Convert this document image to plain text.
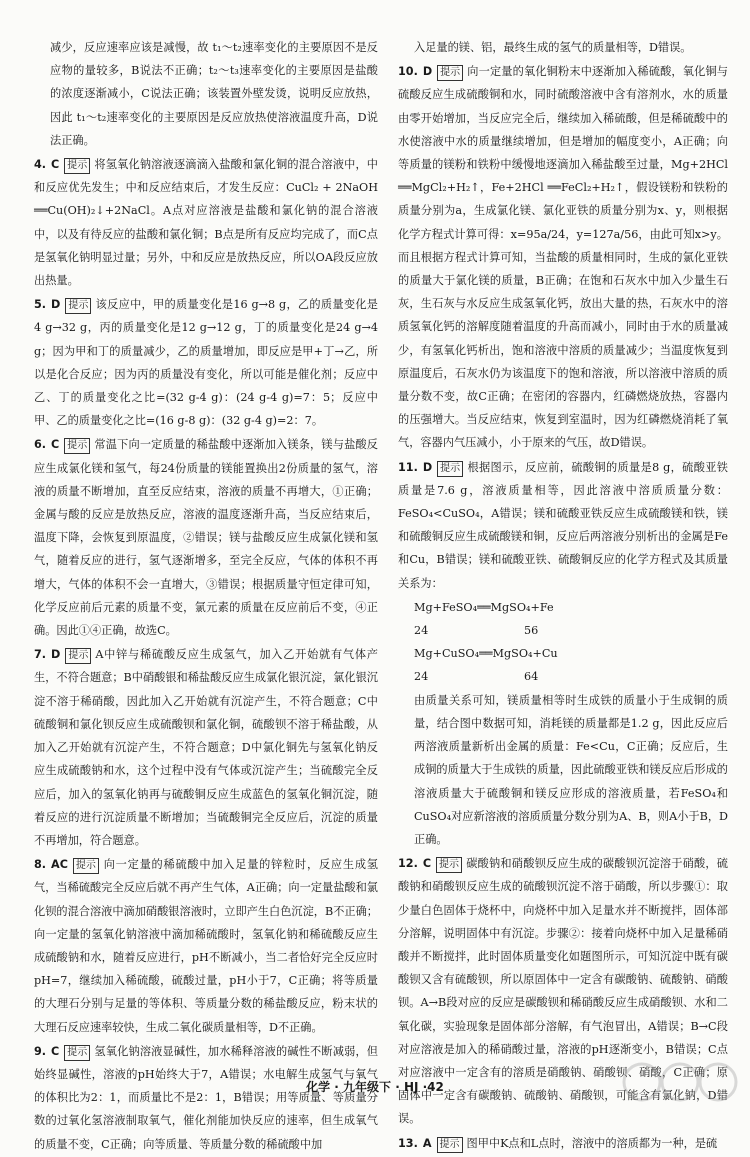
减少，反应速率应该是减慢，故 t₁～t₂速率变化的主要原因不是反应物的量较多，B说法不正确；t₂～t₃速率变化的主要原因是盐酸的浓度逐渐减小，C说法正确；该装置外壁发烫，说明反应放热，因此 t₁～t₂速率变化的主要原因是反应放热使溶液温度升高，D说法正确。
4. C 提示 将氢氧化钠溶液逐滴滴入盐酸和氯化铜的混合溶液中，中和反应优先发生；中和反应结束后，才发生反应：CuCl₂ + 2NaOH ══Cu(OH)₂↓+2NaCl。A点对应溶液是盐酸和氯化钠的混合溶液中，以及有待反应的盐酸和氯化铜；B点是所有反应均完成了，而C点是氢氧化钠明显过量；另外，中和反应是放热反应，所以OA段反应放出热量。
5. D 提示 该反应中，甲的质量变化是16 g→8 g，乙的质量变化是4 g→32 g，丙的质量变化是12 g→12 g，丁的质量变化是24 g→4 g；因为甲和丁的质量减少，乙的质量增加，即反应是甲+丁→乙，所以是化合反应；因为丙的质量没有变化，所以可能是催化剂；反应中乙、丁的质量变化之比=(32 g-4 g)：(24 g-4 g)=7：5；反应中甲、乙的质量变化之比=(16 g-8 g)：(32 g-4 g)=2：7。
6. C 提示 常温下向一定质量的稀盐酸中逐渐加入镁条，镁与盐酸反应生成氯化镁和氢气，每24份质量的镁能置换出2份质量的氢气，溶液的质量不断增加，直至反应结束，溶液的质量不再增大，①正确；金属与酸的反应是放热反应，溶液的温度逐渐升高，当反应结束后，温度下降，会恢复到原温度，②错误；镁与盐酸反应生成氯化镁和氢气，随着反应的进行，氢气逐渐增多，至完全反应，气体的体积不再增大，气体的体积不会一直增大，③错误；根据质量守恒定律可知，化学反应前后元素的质量不变，氯元素的质量在反应前后不变，④正确。因此①④正确，故选C。
7. D 提示 A中锌与稀硫酸反应生成氢气，加入乙开始就有气体产生，不符合题意；B中硝酸银和稀盐酸反应生成氯化银沉淀，氯化银沉淀不溶于稀硝酸，因此加入乙开始就有沉淀产生，不符合题意；C中硫酸铜和氯化钡反应生成硫酸钡和氯化铜，硫酸钡不溶于稀盐酸，从加入乙开始就有沉淀产生，不符合题意；D中氯化铜先与氢氧化钠反应生成硫酸钠和水，这个过程中没有气体或沉淀产生；当硫酸完全反应后，加入的氢氧化钠再与硫酸铜反应生成蓝色的氢氧化铜沉淀，随着反应的进行沉淀质量不断增加；当硫酸铜完全反应后，沉淀的质量不再增加，符合题意。
8. AC 提示 向一定量的稀硫酸中加入足量的锌粒时，反应生成氢气，当稀硫酸完全反应后就不再产生气体，A正确；向一定量盐酸和氯化钡的混合溶液中滴加硝酸银溶液时，立即产生白色沉淀，B不正确；向一定量的氢氧化钠溶液中滴加稀硫酸时，氢氧化钠和稀硫酸反应生成硫酸钠和水，随着反应进行，pH不断减小，当二者恰好完全反应时pH=7，继续加入稀硫酸，硫酸过量，pH小于7，C正确；将等质量的大理石分别与足量的等体积、等质量分数的稀盐酸反应，粉末状的大理石反应速率较快，生成二氧化碳质量相等，D不正确。
9. C 提示 氢氧化钠溶液显碱性，加水稀释溶液的碱性不断减弱，但始终显碱性，溶液的pH始终大于7，A错误；水电解生成氢气与氧气的体积比为2：1，而质量比不是2：1，B错误；用等质量、等质量分数的过氧化氢溶液制取氧气，催化剂能加快反应的速率，但生成氧气的质量不变，C正确；向等质量、等质量分数的稀硫酸中加
入足量的镁、铝，最终生成的氢气的质量相等，D错误。
10. D 提示 向一定量的氧化铜粉末中逐渐加入稀硫酸，氧化铜与硫酸反应生成硫酸铜和水，同时硫酸溶液中含有溶剂水，水的质量由零开始增加，当反应完全后，继续加入稀硫酸，但是稀硫酸中的水使溶液中水的质量继续增加，但是增加的幅度变小，A正确；向等质量的镁粉和铁粉中缓慢地逐滴加入稀盐酸至过量，Mg+2HCl ══MgCl₂+H₂↑，Fe+2HCl ══FeCl₂+H₂↑，假设镁粉和铁粉的质量分别为a，生成氯化镁、氯化亚铁的质量分别为x、y，则根据化学方程式计算可得：x=95a/24，y=127a/56，由此可知x>y。而且根据方程式计算可知，当盐酸的质量相同时，生成的氯化亚铁的质量大于氯化镁的质量，B正确；在饱和石灰水中加入少量生石灰，生石灰与水反应生成氢氧化钙，放出大量的热，石灰水中的溶质氢氧化钙的溶解度随着温度的升高而减小，同时由于水的质量减少，有氢氧化钙析出，饱和溶液中溶质的质量减少；当温度恢复到原温度后，石灰水仍为该温度下的饱和溶液，所以溶液中溶质的质量分数不变，故C正确；在密闭的容器内，红磷燃烧放热，容器内的压强增大。当反应结束，恢复到室温时，因为红磷燃烧消耗了氧气，容器内气压减小，小于原来的气压，故D错误。
11. D 提示 根据图示，反应前，硫酸铜的质量是8 g，硫酸亚铁质量是7.6 g，溶液质量相等，因此溶液中溶质质量分数：FeSO₄<CuSO₄，A错误；镁和硫酸亚铁反应生成硫酸镁和铁，镁和硫酸铜反应生成硫酸镁和铜，反应后两溶液分别析出的金属是Fe和Cu，B错误；镁和硫酸亚铁、硫酸铜反应的化学方程式及其质量关系为：
Mg+FeSO₄══MgSO₄+Fe
24	56
Mg+CuSO₄══MgSO₄+Cu
24	64
由质量关系可知，镁质量相等时生成铁的质量小于生成铜的质量，结合图中数据可知，消耗镁的质量都是1.2 g，因此反应后两溶液质量新析出金属的质量：Fe<Cu，C正确；反应后，生成铜的质量大于生成铁的质量，因此硫酸亚铁和镁反应后形成的溶液质量大于硫酸铜和镁反应形成的溶液质量，若FeSO₄和CuSO₄对应新溶液的溶质质量分数分别为A、B，则A小于B，D正确。
12. C 提示 碳酸钠和硝酸钡反应生成的碳酸钡沉淀溶于硝酸，硫酸钠和硝酸钡反应生成的硫酸钡沉淀不溶于硝酸，所以步骤①：取少量白色固体于烧杯中，向烧杯中加入足量水并不断搅拌，固体部分溶解，说明固体中有沉淀。步骤②：接着向烧杯中加入足量稀硝酸并不断搅拌，此时固体质量变化如题图所示，可知沉淀中既有碳酸钡又含有硫酸钡，所以原固体中一定含有碳酸钠、硫酸钠、硝酸钡。A→B段对应的反应是碳酸钡和稀硝酸反应生成硝酸钡、水和二氧化碳，实验现象是固体部分溶解，有气泡冒出，A错误；B→C段对应溶液是加入的稀硝酸过量，溶液的pH逐渐变小，B错误；C点对应溶液中一定含有的溶质是硝酸钠、硝酸钡、硝酸，C正确；原固体中一定含有碳酸钠、硫酸钠、硝酸钡，可能含有氯化钠，D错误。
13. A 提示 图甲中K点和L点时，溶液中的溶质都为一种，是硫
化学 · 九年级下 · HJ ·42
